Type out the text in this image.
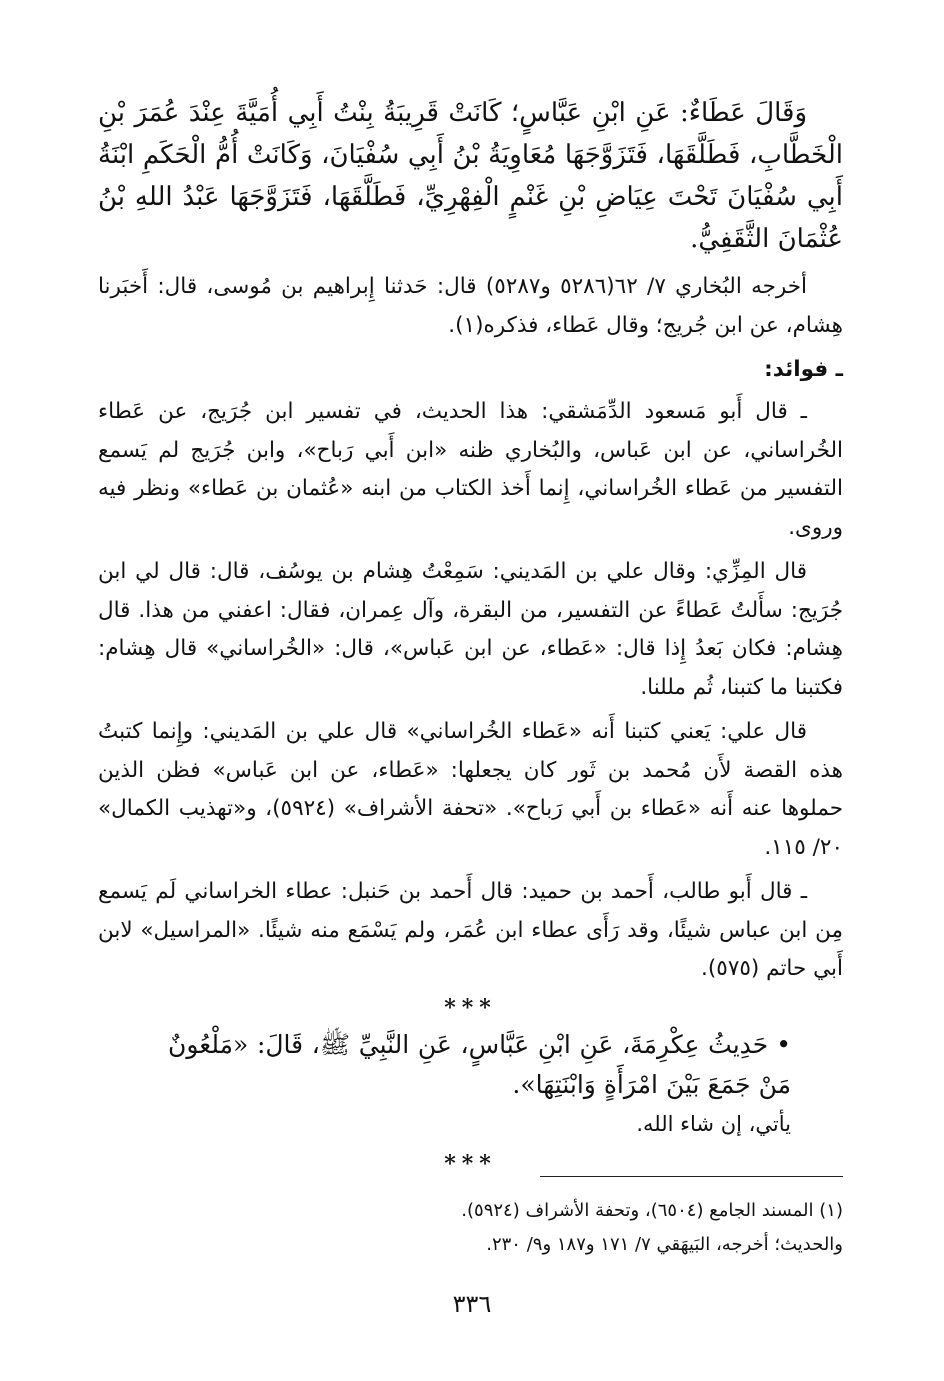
وَقَالَ عَطَاءٌ: عَنِ ابْنِ عَبَّاسٍ؛ كَانَتْ قَرِيبَةُ بِنْتُ أَبِي أُمَيَّةَ عِنْدَ عُمَرَ بْنِ الْخَطَّابِ، فَطَلَّقَهَا، فَتَزَوَّجَهَا مُعَاوِيَةُ بْنُ أَبِي سُفْيَانَ، وَكَانَتْ أُمُّ الْحَكَمِ ابْنَةُ أَبِي سُفْيَانَ تَحْتَ عِيَاضِ بْنِ غَنْمٍ الْفِهْرِيِّ، فَطَلَّقَهَا، فَتَزَوَّجَهَا عَبْدُ اللهِ بْنُ عُثْمَانَ الثَّقَفِيُّ.

أخرجه البُخاري ٧/ ٦٢(٥٢٨٦ و٥٢٨٧) قال: حَدثنا إِبراهيم بن مُوسى، قال: أَخبَرنا هِشام، عن ابن جُريج؛ وقال عَطاء، فذكره(١).

ـ فوائد:

ـ قال أَبو مَسعود الدِّمَشقي: هذا الحديث، في تفسير ابن جُرَيج، عن عَطاء الخُراساني، عن ابن عَباس، والبُخاري ظنه «ابن أَبي رَباح»، وابن جُرَيج لم يَسمع التفسير من عَطاء الخُراساني، إِنما أَخذ الكتاب من ابنه «عُثمان بن عَطاء» ونظر فيه وروى.

قال المِزِّي: وقال علي بن المَديني: سَمِعْتُ هِشام بن يوسُف، قال: قال لي ابن جُرَيج: سأَلتُ عَطاءً عن التفسير، من البقرة، وآل عِمران، فقال: اعفني من هذا. قال هِشام: فكان بَعدُ إِذا قال: «عَطاء، عن ابن عَباس»، قال: «الخُراساني» قال هِشام: فكتبنا ما كتبنا، ثُم مللنا.

قال علي: يَعني كتبنا أَنه «عَطاء الخُراساني» قال علي بن المَديني: وإِنما كتبتُ هذه القصة لأَن مُحمد بن ثَور كان يجعلها: «عَطاء، عن ابن عَباس» فظن الذين حملوها عنه أَنه «عَطاء بن أَبي رَباح». «تحفة الأشراف» (٥٩٢٤)، و«تهذيب الكمال» ٢٠/ ١١٥.

ـ قال أَبو طالب، أَحمد بن حميد: قال أَحمد بن حَنبل: عطاء الخراساني لَم يَسمع مِن ابن عباس شيئًا، وقد رَأَى عطاء ابن عُمَر، ولم يَسْمَع منه شيئًا. «المراسيل» لابن أَبي حاتم (٥٧٥).

***

•حَدِيثُ عِكْرِمَةَ، عَنِ ابْنِ عَبَّاسٍ، عَنِ النَّبِيِّ ﷺ، قَالَ: «مَلْعُونٌ مَنْ جَمَعَ بَيْنَ امْرَأَةٍ وَابْنَتِهَا».

يأتي، إن شاء الله.

***

(١) المسند الجامع (٦٥٠٤)، وتحفة الأشراف (٥٩٢٤).

والحديث؛ أخرجه، البَيهَقي ٧/ ١٧١ و١٨٧ و٩/ ٢٣٠.

٣٣٦
